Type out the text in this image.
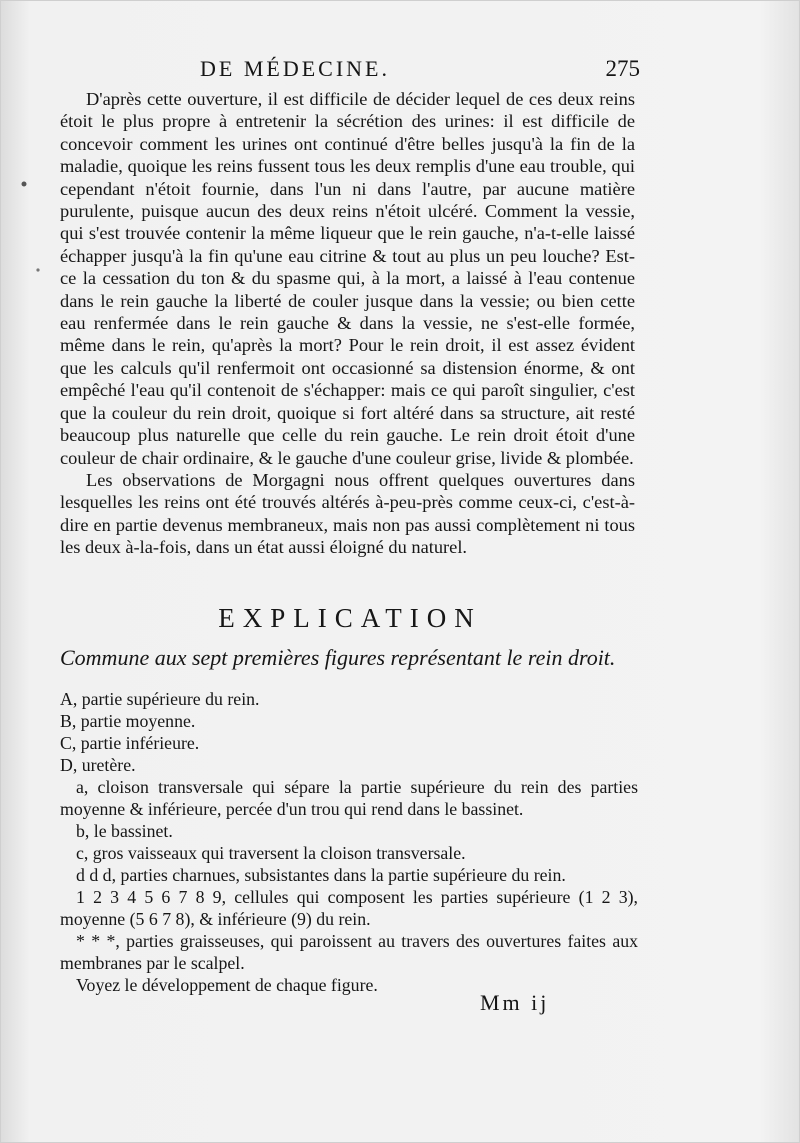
DE MÉDECINE.	275

D'après cette ouverture, il est difficile de décider lequel de ces deux reins étoit le plus propre à entretenir la sécrétion des urines: il est difficile de concevoir comment les urines ont continué d'être belles jusqu'à la fin de la maladie, quoique les reins fussent tous les deux remplis d'une eau trouble, qui cependant n'étoit fournie, dans l'un ni dans l'autre, par aucune matière purulente, puisque aucun des deux reins n'étoit ulcéré. Comment la vessie, qui s'est trouvée contenir la même liqueur que le rein gauche, n'a-t-elle laissé échapper jusqu'à la fin qu'une eau citrine & tout au plus un peu louche? Est-ce la cessation du ton & du spasme qui, à la mort, a laissé à l'eau contenue dans le rein gauche la liberté de couler jusque dans la vessie; ou bien cette eau renfermée dans le rein gauche & dans la vessie, ne s'est-elle formée, même dans le rein, qu'après la mort? Pour le rein droit, il est assez évident que les calculs qu'il renfermoit ont occasionné sa distension énorme, & ont empêché l'eau qu'il contenoit de s'échapper: mais ce qui paroît singulier, c'est que la couleur du rein droit, quoique si fort altéré dans sa structure, ait resté beaucoup plus naturelle que celle du rein gauche. Le rein droit étoit d'une couleur de chair ordinaire, & le gauche d'une couleur grise, livide & plombée.

Les observations de Morgagni nous offrent quelques ouvertures dans lesquelles les reins ont été trouvés altérés à-peu-près comme ceux-ci, c'est-à-dire en partie devenus membraneux, mais non pas aussi complètement ni tous les deux à-la-fois, dans un état aussi éloigné du naturel.

EXPLICATION
Commune aux sept premières figures représentant le rein droit.

A, partie supérieure du rein.

B, partie moyenne.

C, partie inférieure.

D, uretère.

a, cloison transversale qui sépare la partie supérieure du rein des parties moyenne & inférieure, percée d'un trou qui rend dans le bassinet.

b, le bassinet.

c, gros vaisseaux qui traversent la cloison transversale.

d d d, parties charnues, subsistantes dans la partie supérieure du rein.

1 2 3 4 5 6 7 8 9, cellules qui composent les parties supérieure (1 2 3), moyenne (5 6 7 8), & inférieure (9) du rein.

* * *, parties graisseuses, qui paroissent au travers des ouvertures faites aux membranes par le scalpel.

Voyez le développement de chaque figure.

Mm ij
